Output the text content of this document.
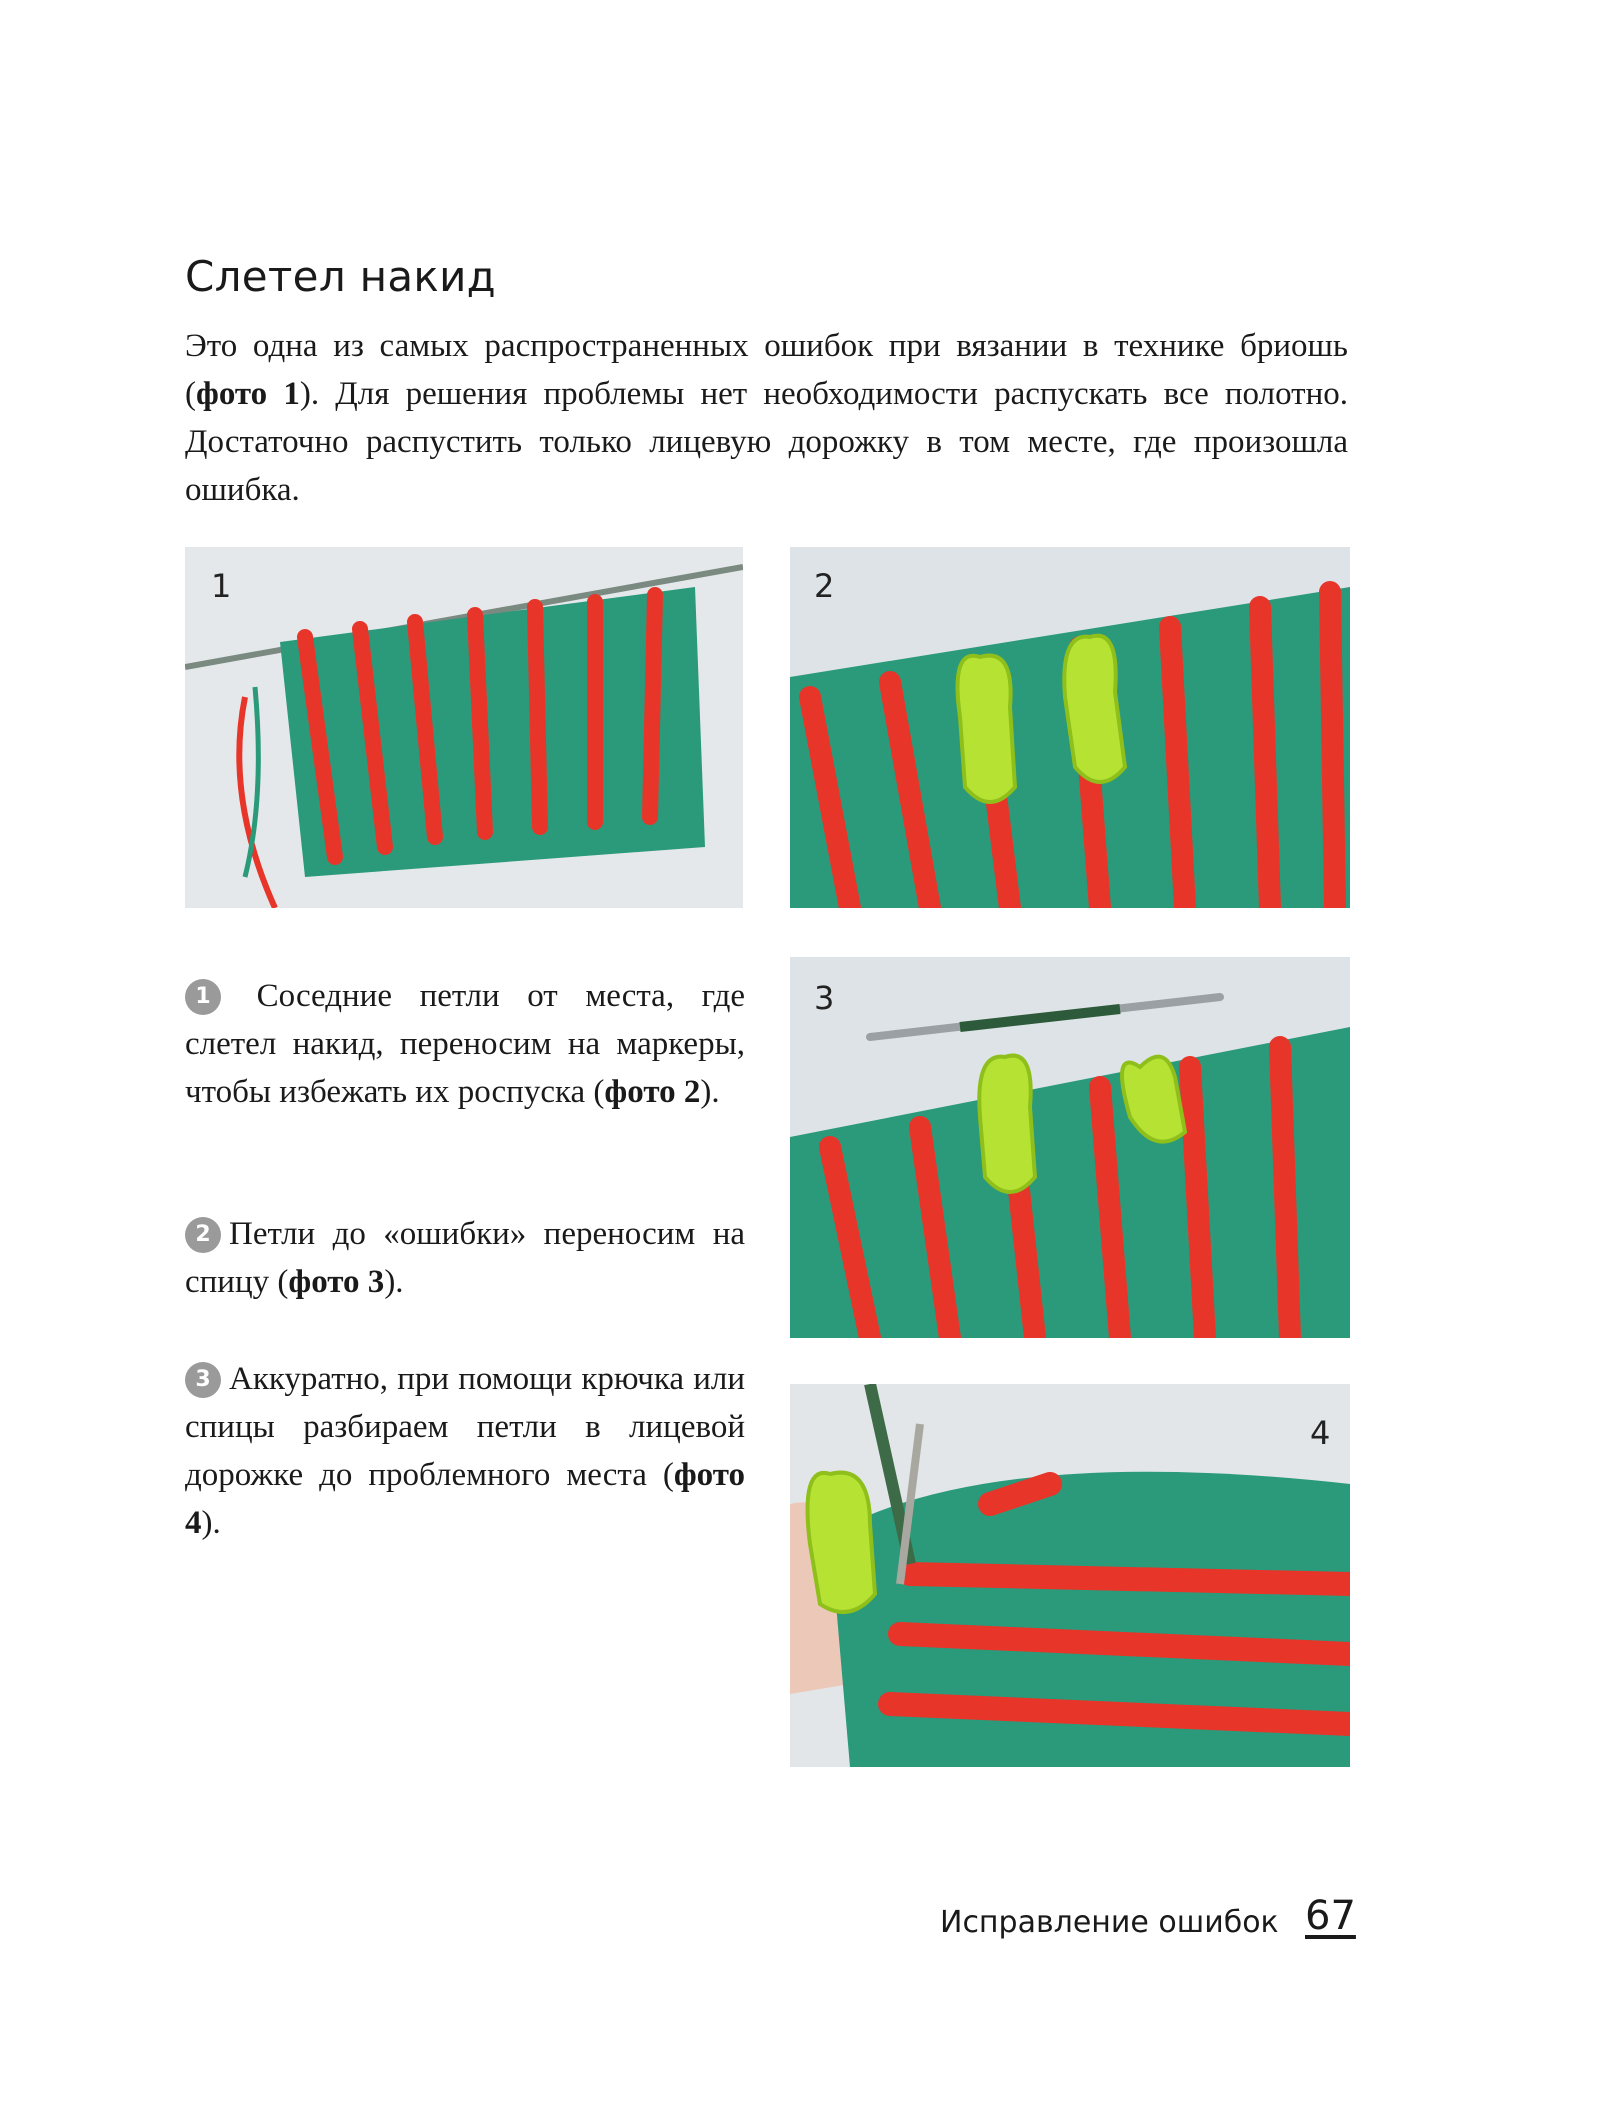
Слетел накид

Это одна из самых распространенных ошибок при вязании в технике бриошь (фото 1). Для решения проблемы нет необходимости распускать все полотно. Достаточно распустить только лицевую дорожку в том месте, где произошла ошибка.

1	2
3
4

1 Соседние петли от места, где слетел накид, переносим на маркеры, чтобы избежать их роспуска (фото 2).

2 Петли до «ошибки» переносим на спицу (фото 3).

3 Аккуратно, при помощи крючка или спицы разбираем петли в лицевой дорожке до проблемного места (фото 4).

Исправление ошибок 67
